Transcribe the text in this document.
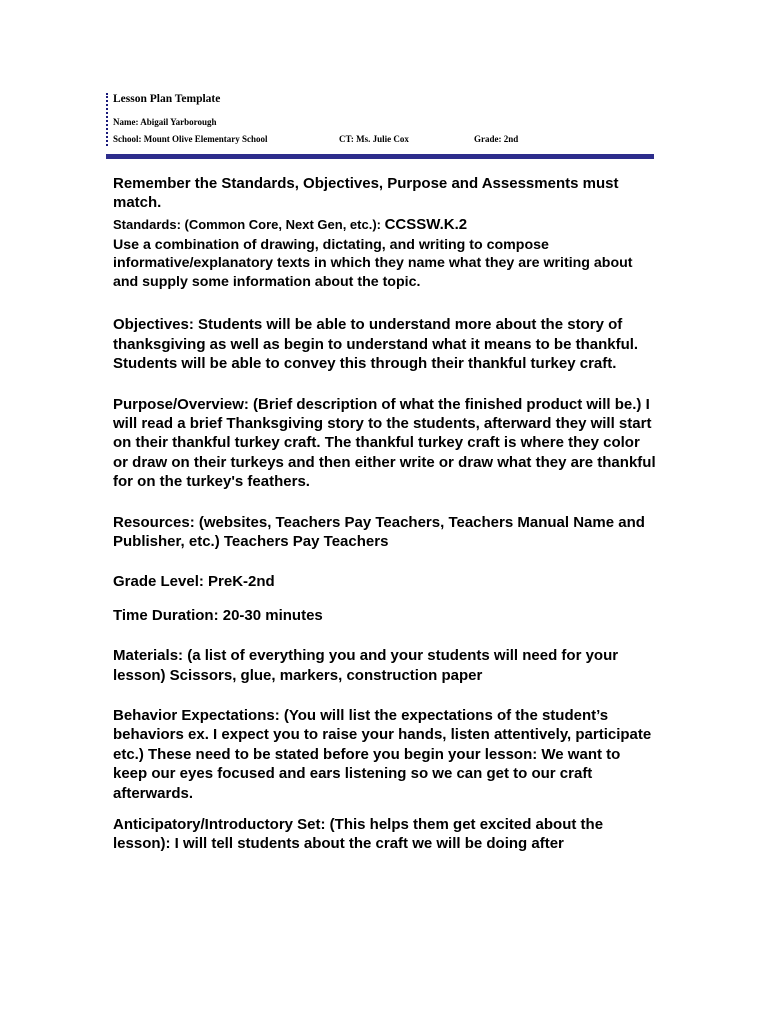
Lesson Plan Template
Name: Abigail Yarborough
School: Mount Olive Elementary School	CT: Ms. Julie Cox	Grade: 2nd

Remember the Standards, Objectives, Purpose and Assessments must match.

Standards: (Common Core, Next Gen, etc.): CCSSW.K.2

Use a combination of drawing, dictating, and writing to compose informative/explanatory texts in which they name what they are writing about and supply some information about the topic.

Objectives: Students will be able to understand more about the story of thanksgiving as well as begin to understand what it means to be thankful. Students will be able to convey this through their thankful turkey craft.

Purpose/Overview: (Brief description of what the finished product will be.) I will read a brief Thanksgiving story to the students, afterward they will start on their thankful turkey craft. The thankful turkey craft is where they color or draw on their turkeys and then either write or draw what they are thankful for on the turkey's feathers.

Resources: (websites, Teachers Pay Teachers, Teachers Manual Name and Publisher, etc.) Teachers Pay Teachers

Grade Level: PreK-2nd

Time Duration: 20-30 minutes

Materials: (a list of everything you and your students will need for your lesson) Scissors, glue, markers, construction paper

Behavior Expectations: (You will list the expectations of the student’s behaviors ex. I expect you to raise your hands, listen attentively, participate etc.) These need to be stated before you begin your lesson: We want to keep our eyes focused and ears listening so we can get to our craft afterwards.

Anticipatory/Introductory Set: (This helps them get excited about the lesson): I will tell students about the craft we will be doing after
